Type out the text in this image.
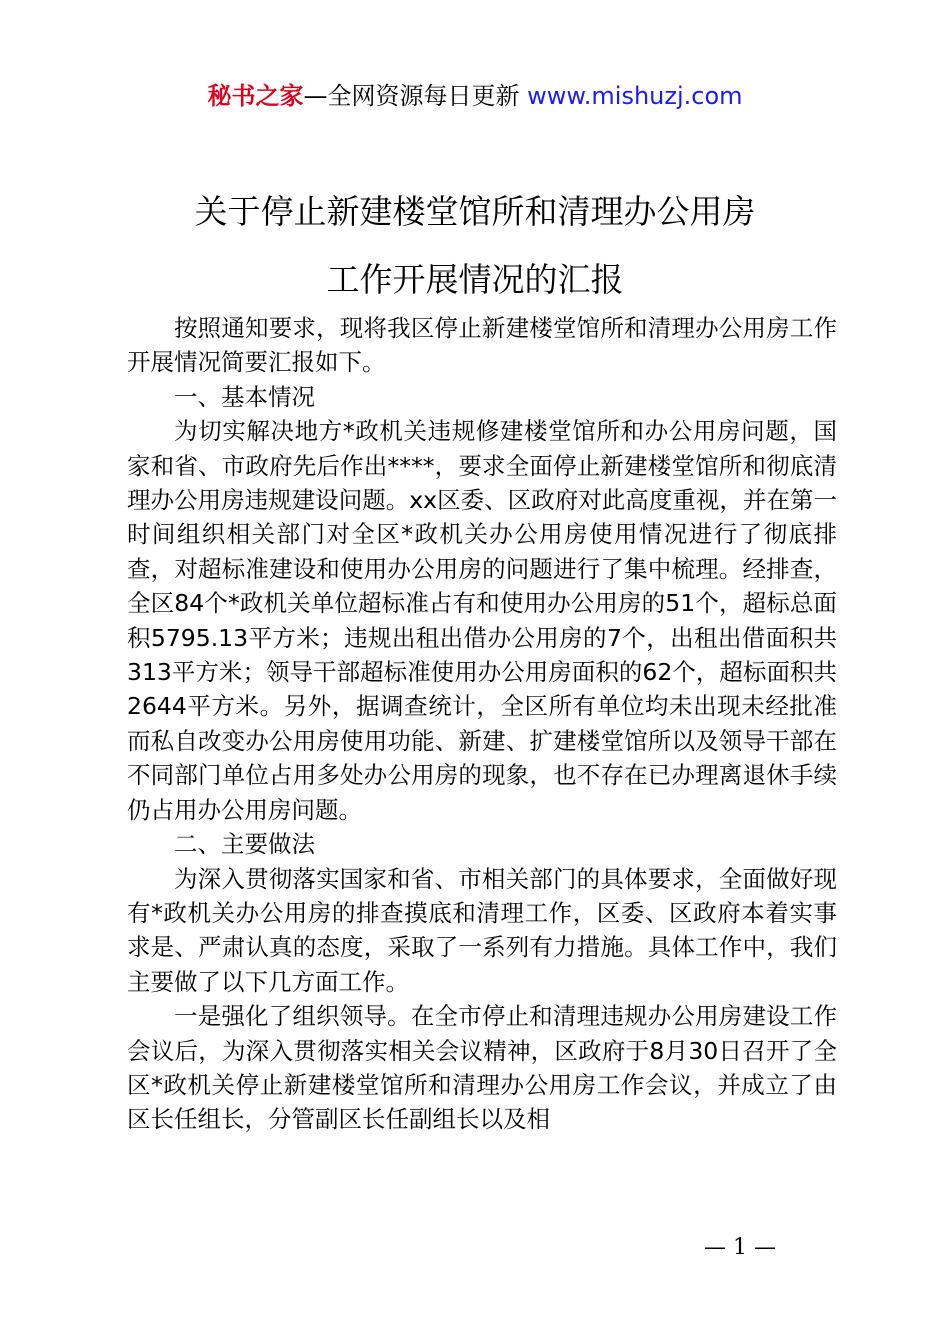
秘书之家—全网资源每日更新 www.mishuzj.com
关于停止新建楼堂馆所和清理办公用房
工作开展情况的汇报

按照通知要求，现将我区停止新建楼堂馆所和清理办公用房工作开展情况简要汇报如下。

一、基本情况

为切实解决地方*政机关违规修建楼堂馆所和办公用房问题，国家和省、市政府先后作出****，要求全面停止新建楼堂馆所和彻底清理办公用房违规建设问题。xx区委、区政府对此高度重视，并在第一时间组织相关部门对全区*政机关办公用房使用情况进行了彻底排查，对超标准建设和使用办公用房的问题进行了集中梳理。经排查，全区84个*政机关单位超标准占有和使用办公用房的51个，超标总面积5795.13平方米；违规出租出借办公用房的7个，出租出借面积共313平方米；领导干部超标准使用办公用房面积的62个，超标面积共2644平方米。另外，据调查统计，全区所有单位均未出现未经批准而私自改变办公用房使用功能、新建、扩建楼堂馆所以及领导干部在不同部门单位占用多处办公用房的现象，也不存在已办理离退休手续仍占用办公用房问题。

二、主要做法

为深入贯彻落实国家和省、市相关部门的具体要求，全面做好现有*政机关办公用房的排查摸底和清理工作，区委、区政府本着实事求是、严肃认真的态度，采取了一系列有力措施。具体工作中，我们主要做了以下几方面工作。

一是强化了组织领导。在全市停止和清理违规办公用房建设工作会议后，为深入贯彻落实相关会议精神，区政府于8月30日召开了全区*政机关停止新建楼堂馆所和清理办公用房工作会议，并成立了由区长任组长，分管副区长任副组长以及相

— 1 —
